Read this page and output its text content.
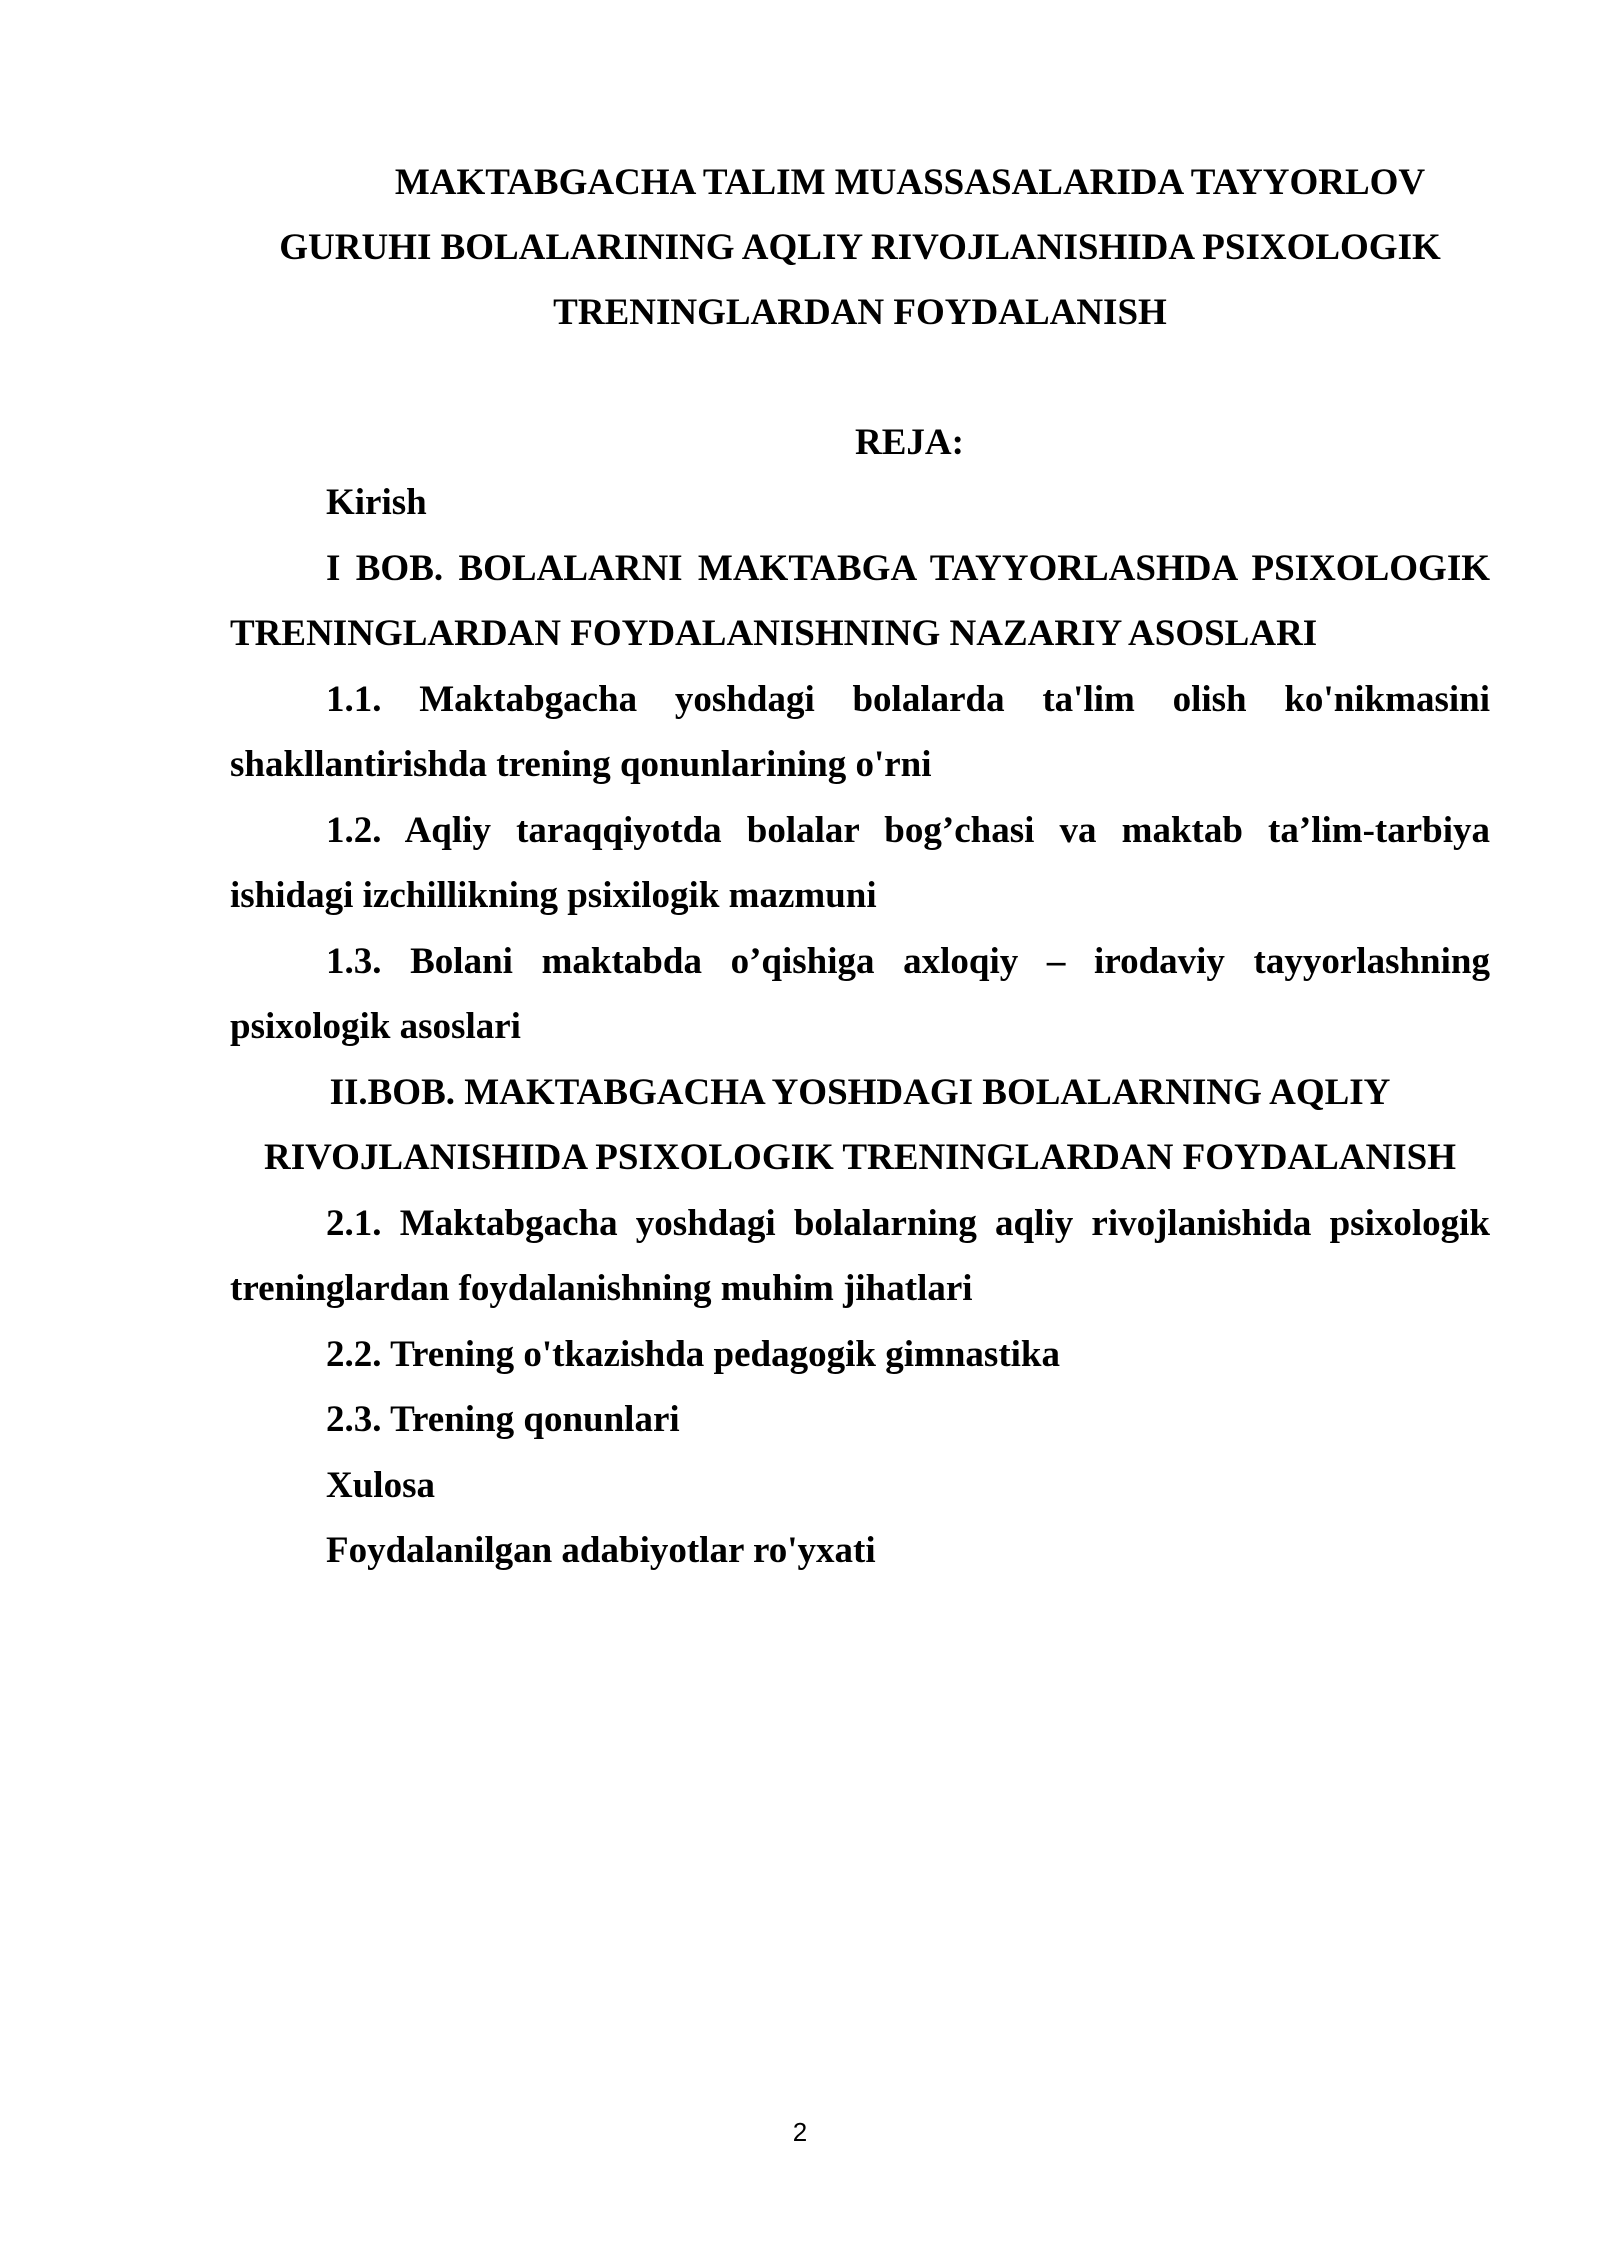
MAKTABGACHA TALIM MUASSASALARIDA TAYYORLOV
GURUHI BOLALARINING AQLIY RIVOJLANISHIDA PSIXOLOGIK
TRENINGLARDAN FOYDALANISH
REJA:

Kirish

I BOB. BOLALARNI MAKTABGA TAYYORLASHDA PSIXOLOGIK TRENINGLARDAN FOYDALANISHNING NAZARIY ASOSLARI

1.1. Maktabgacha yoshdagi bolalarda ta'lim olish ko'nikmasini shakllantirishda trening qonunlarining o'rni

1.2. Aqliy taraqqiyotda bolalar bog’chasi va maktab ta’lim-tarbiya ishidagi izchillikning psixilogik mazmuni

1.3. Bolani maktabda o’qishiga axloqiy – irodaviy tayyorlashning psixologik asoslari

II.BOB. MAKTABGACHA YOSHDAGI BOLALARNING AQLIY RIVOJLANISHIDA PSIXOLOGIK TRENINGLARDAN FOYDALANISH

2.1. Maktabgacha yoshdagi bolalarning aqliy rivojlanishida psixologik treninglardan foydalanishning muhim jihatlari

2.2. Trening o'tkazishda pedagogik gimnastika

2.3. Trening qonunlari

Xulosa

Foydalanilgan adabiyotlar ro'yxati

2
